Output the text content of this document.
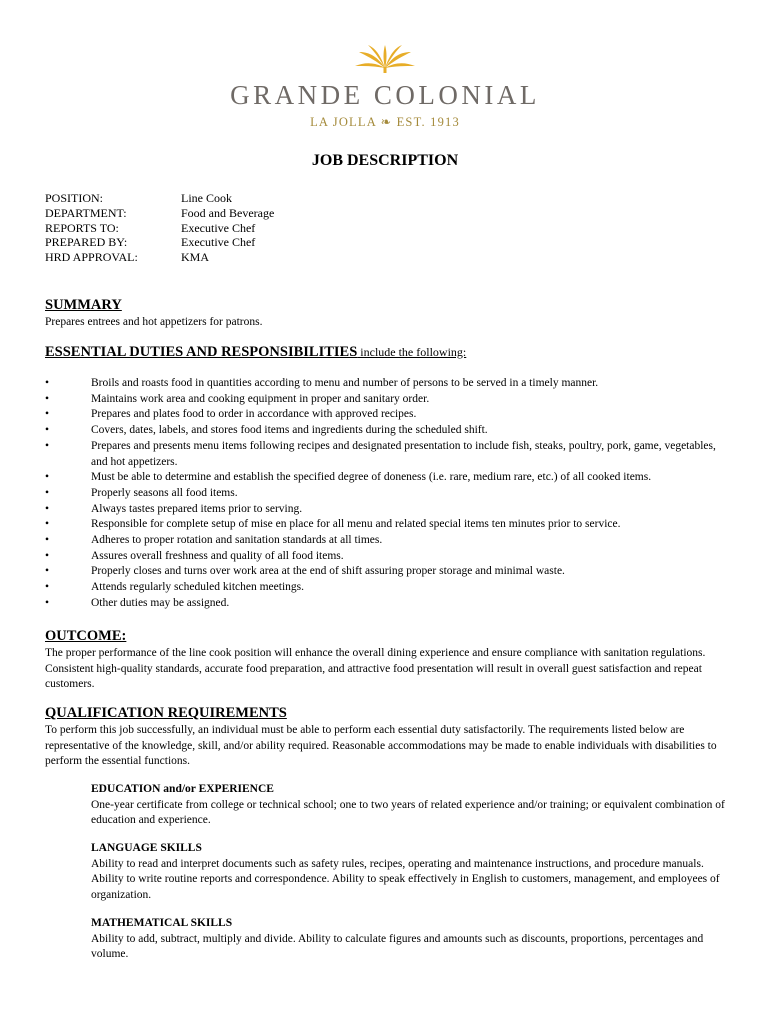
GRANDE COLONIAL
LA JOLLA ❧ EST. 1913
JOB DESCRIPTION
POSITION:	Line Cook
DEPARTMENT:	Food and Beverage
REPORTS TO:	Executive Chef
PREPARED BY:	Executive Chef
HRD APPROVAL:	KMA
SUMMARY
Prepares entrees and hot appetizers for patrons.
ESSENTIAL DUTIES AND RESPONSIBILITIES include the following:
•	Broils and roasts food in quantities according to menu and number of persons to be served in a timely manner.
•	Maintains work area and cooking equipment in proper and sanitary order.
•	Prepares and plates food to order in accordance with approved recipes.
•	Covers, dates, labels, and stores food items and ingredients during the scheduled shift.
•	Prepares and presents menu items following recipes and designated presentation to include fish, steaks, poultry, pork, game, vegetables, and hot appetizers.
•	Must be able to determine and establish the specified degree of doneness (i.e. rare, medium rare, etc.) of all cooked items.
•	Properly seasons all food items.
•	Always tastes prepared items prior to serving.
•	Responsible for complete setup of mise en place for all menu and related special items ten minutes prior to service.
•	Adheres to proper rotation and sanitation standards at all times.
•	Assures overall freshness and quality of all food items.
•	Properly closes and turns over work area at the end of shift assuring proper storage and minimal waste.
•	Attends regularly scheduled kitchen meetings.
•	Other duties may be assigned.
OUTCOME:
The proper performance of the line cook position will enhance the overall dining experience and ensure compliance with sanitation regulations. Consistent high-quality standards, accurate food preparation, and attractive food presentation will result in overall guest satisfaction and repeat customers.
QUALIFICATION REQUIREMENTS
To perform this job successfully, an individual must be able to perform each essential duty satisfactorily. The requirements listed below are representative of the knowledge, skill, and/or ability required. Reasonable accommodations may be made to enable individuals with disabilities to perform the essential functions.
EDUCATION and/or EXPERIENCE
One-year certificate from college or technical school; one to two years of related experience and/or training; or equivalent combination of education and experience.
LANGUAGE SKILLS
Ability to read and interpret documents such as safety rules, recipes, operating and maintenance instructions, and procedure manuals. Ability to write routine reports and correspondence. Ability to speak effectively in English to customers, management, and employees of organization.
MATHEMATICAL SKILLS
Ability to add, subtract, multiply and divide. Ability to calculate figures and amounts such as discounts, proportions, percentages and volume.
